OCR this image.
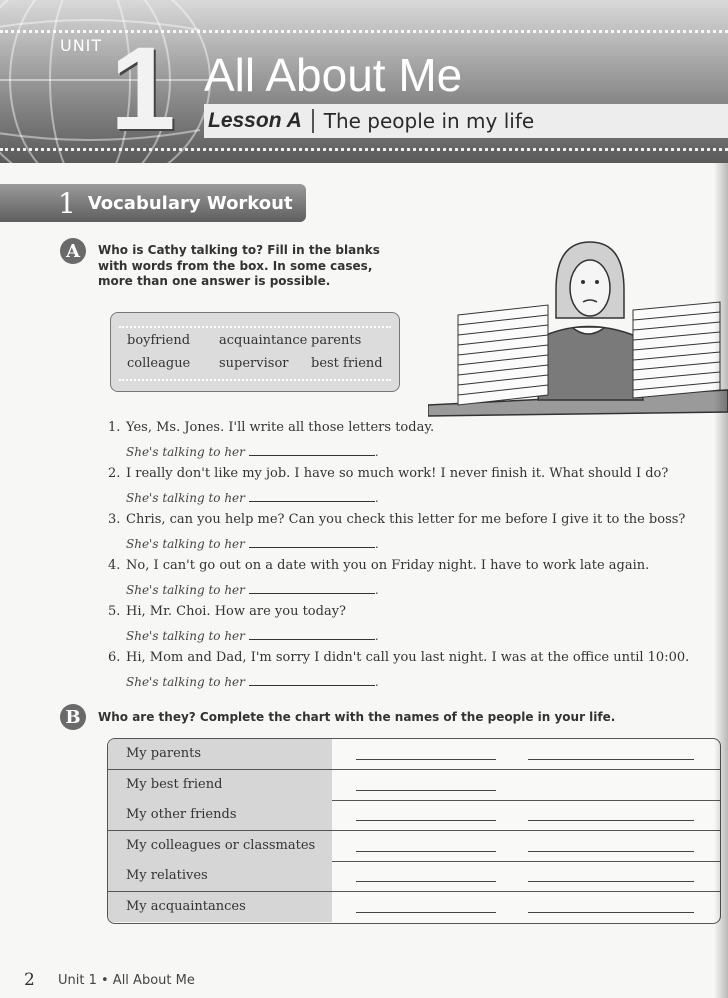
UNIT 1 All About Me
Lesson A	The people in my life
1 Vocabulary Workout
A	Who is Cathy talking to? Fill in the blanks
with words from the box. In some cases,
more than one answer is possible.
boyfriend acquaintance parents
colleague supervisor best friend
1. Yes, Ms. Jones. I'll write all those letters today.
She's talking to her	.
2. I really don't like my job. I have so much work! I never finish it. What should I do?
She's talking to her	.
3. Chris, can you help me? Can you check this letter for me before I give it to the boss?
She's talking to her	.
4. No, I can't go out on a date with you on Friday night. I have to work late again.
She's talking to her	.
5. Hi, Mr. Choi. How are you today?
She's talking to her	.
6. Hi, Mom and Dad, I'm sorry I didn't call you last night. I was at the office until 10:00.
She's talking to her	.
B	Who are they? Complete the chart with the names of the people in your life.
My parents
My best friend
My other friends
My colleagues or classmates
My relatives
My acquaintances
2 Unit 1 • All About Me
